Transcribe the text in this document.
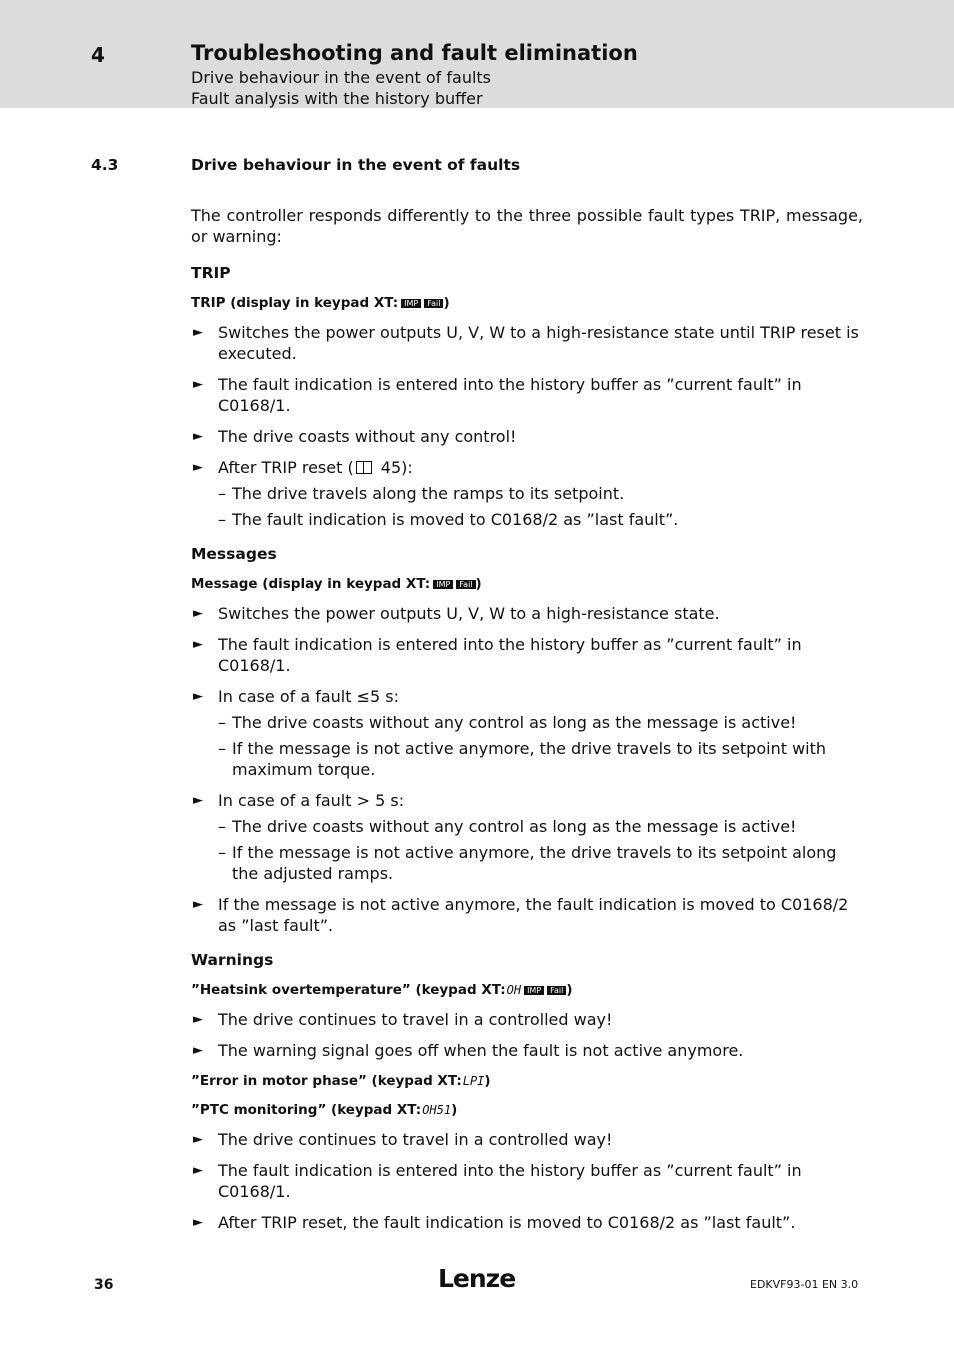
4	Troubleshooting and fault elimination
Drive behaviour in the event of faults
Fault analysis with the history buffer
4.3	Drive behaviour in the event of faults

The controller responds differently to the three possible fault types TRIP, message, or warning:

TRIP
TRIP (display in keypad XT: IMP	Fail )
► Switches the power outputs U, V, W to a high-resistance state until TRIP reset is executed.
► The fault indication is entered into the history buffer as ”current fault” in C0168/1.
► The drive coasts without any control!
► After TRIP reset ( 45):
– The drive travels along the ramps to its setpoint.
– The fault indication is moved to C0168/2 as ”last fault”.
Messages
Message (display in keypad XT: IMP	Fail )
► Switches the power outputs U, V, W to a high-resistance state.
► The fault indication is entered into the history buffer as ”current fault” in C0168/1.
► In case of a fault ≤5 s:
– The drive coasts without any control as long as the message is active!
– If the message is not active anymore, the drive travels to its setpoint with maximum torque.
► In case of a fault > 5 s:
– The drive coasts without any control as long as the message is active!
– If the message is not active anymore, the drive travels to its setpoint along the adjusted ramps.
► If the message is not active anymore, the fault indication is moved to C0168/2 as ”last fault”.
Warnings
”Heatsink overtemperature” (keypad XT: OH IMP	Fail )
► The drive continues to travel in a controlled way!
► The warning signal goes off when the fault is not active anymore.
”Error in motor phase” (keypad XT: LPI )
”PTC monitoring” (keypad XT: OH51 )
► The drive continues to travel in a controlled way!
► The fault indication is entered into the history buffer as ”current fault” in C0168/1.
► After TRIP reset, the fault indication is moved to C0168/2 as ”last fault”.
36	Lenze	EDKVF93-01 EN 3.0
